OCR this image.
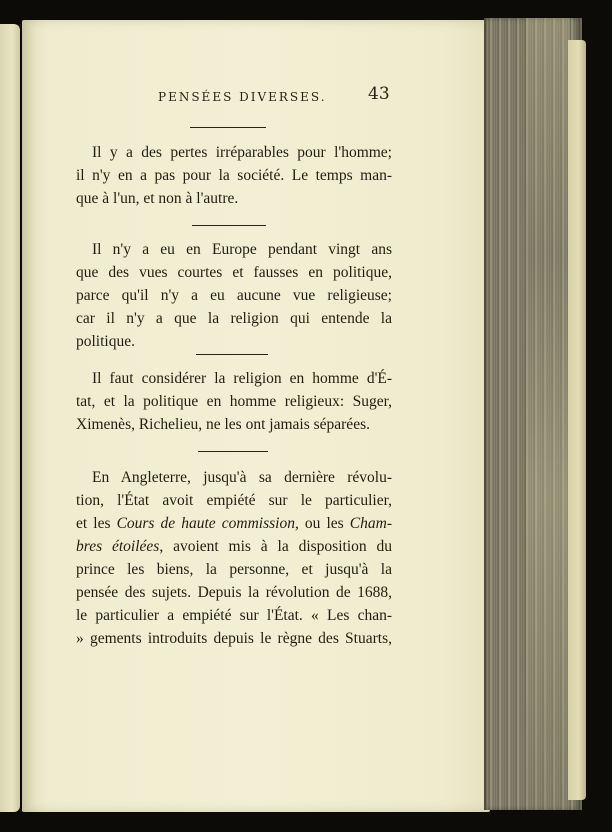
PENSÉES DIVERSES. 43

Il y a des pertes irréparables pour l'homme;
il n'y en a pas pour la société. Le temps man-
que à l'un, et non à l'autre.

Il n'y a eu en Europe pendant vingt ans
que des vues courtes et fausses en politique,
parce qu'il n'y a eu aucune vue religieuse;
car il n'y a que la religion qui entende la
politique.

Il faut considérer la religion en homme d'É-
tat, et la politique en homme religieux: Suger,
Ximenès, Richelieu, ne les ont jamais séparées.

En Angleterre, jusqu'à sa dernière révolu-
tion, l'État avoit empiété sur le particulier,
et les Cours de haute commission, ou les Cham-
bres étoilées, avoient mis à la disposition du
prince les biens, la personne, et jusqu'à la
pensée des sujets. Depuis la révolution de 1688,
le particulier a empiété sur l'État. « Les chan-
» gements introduits depuis le règne des Stuarts,
